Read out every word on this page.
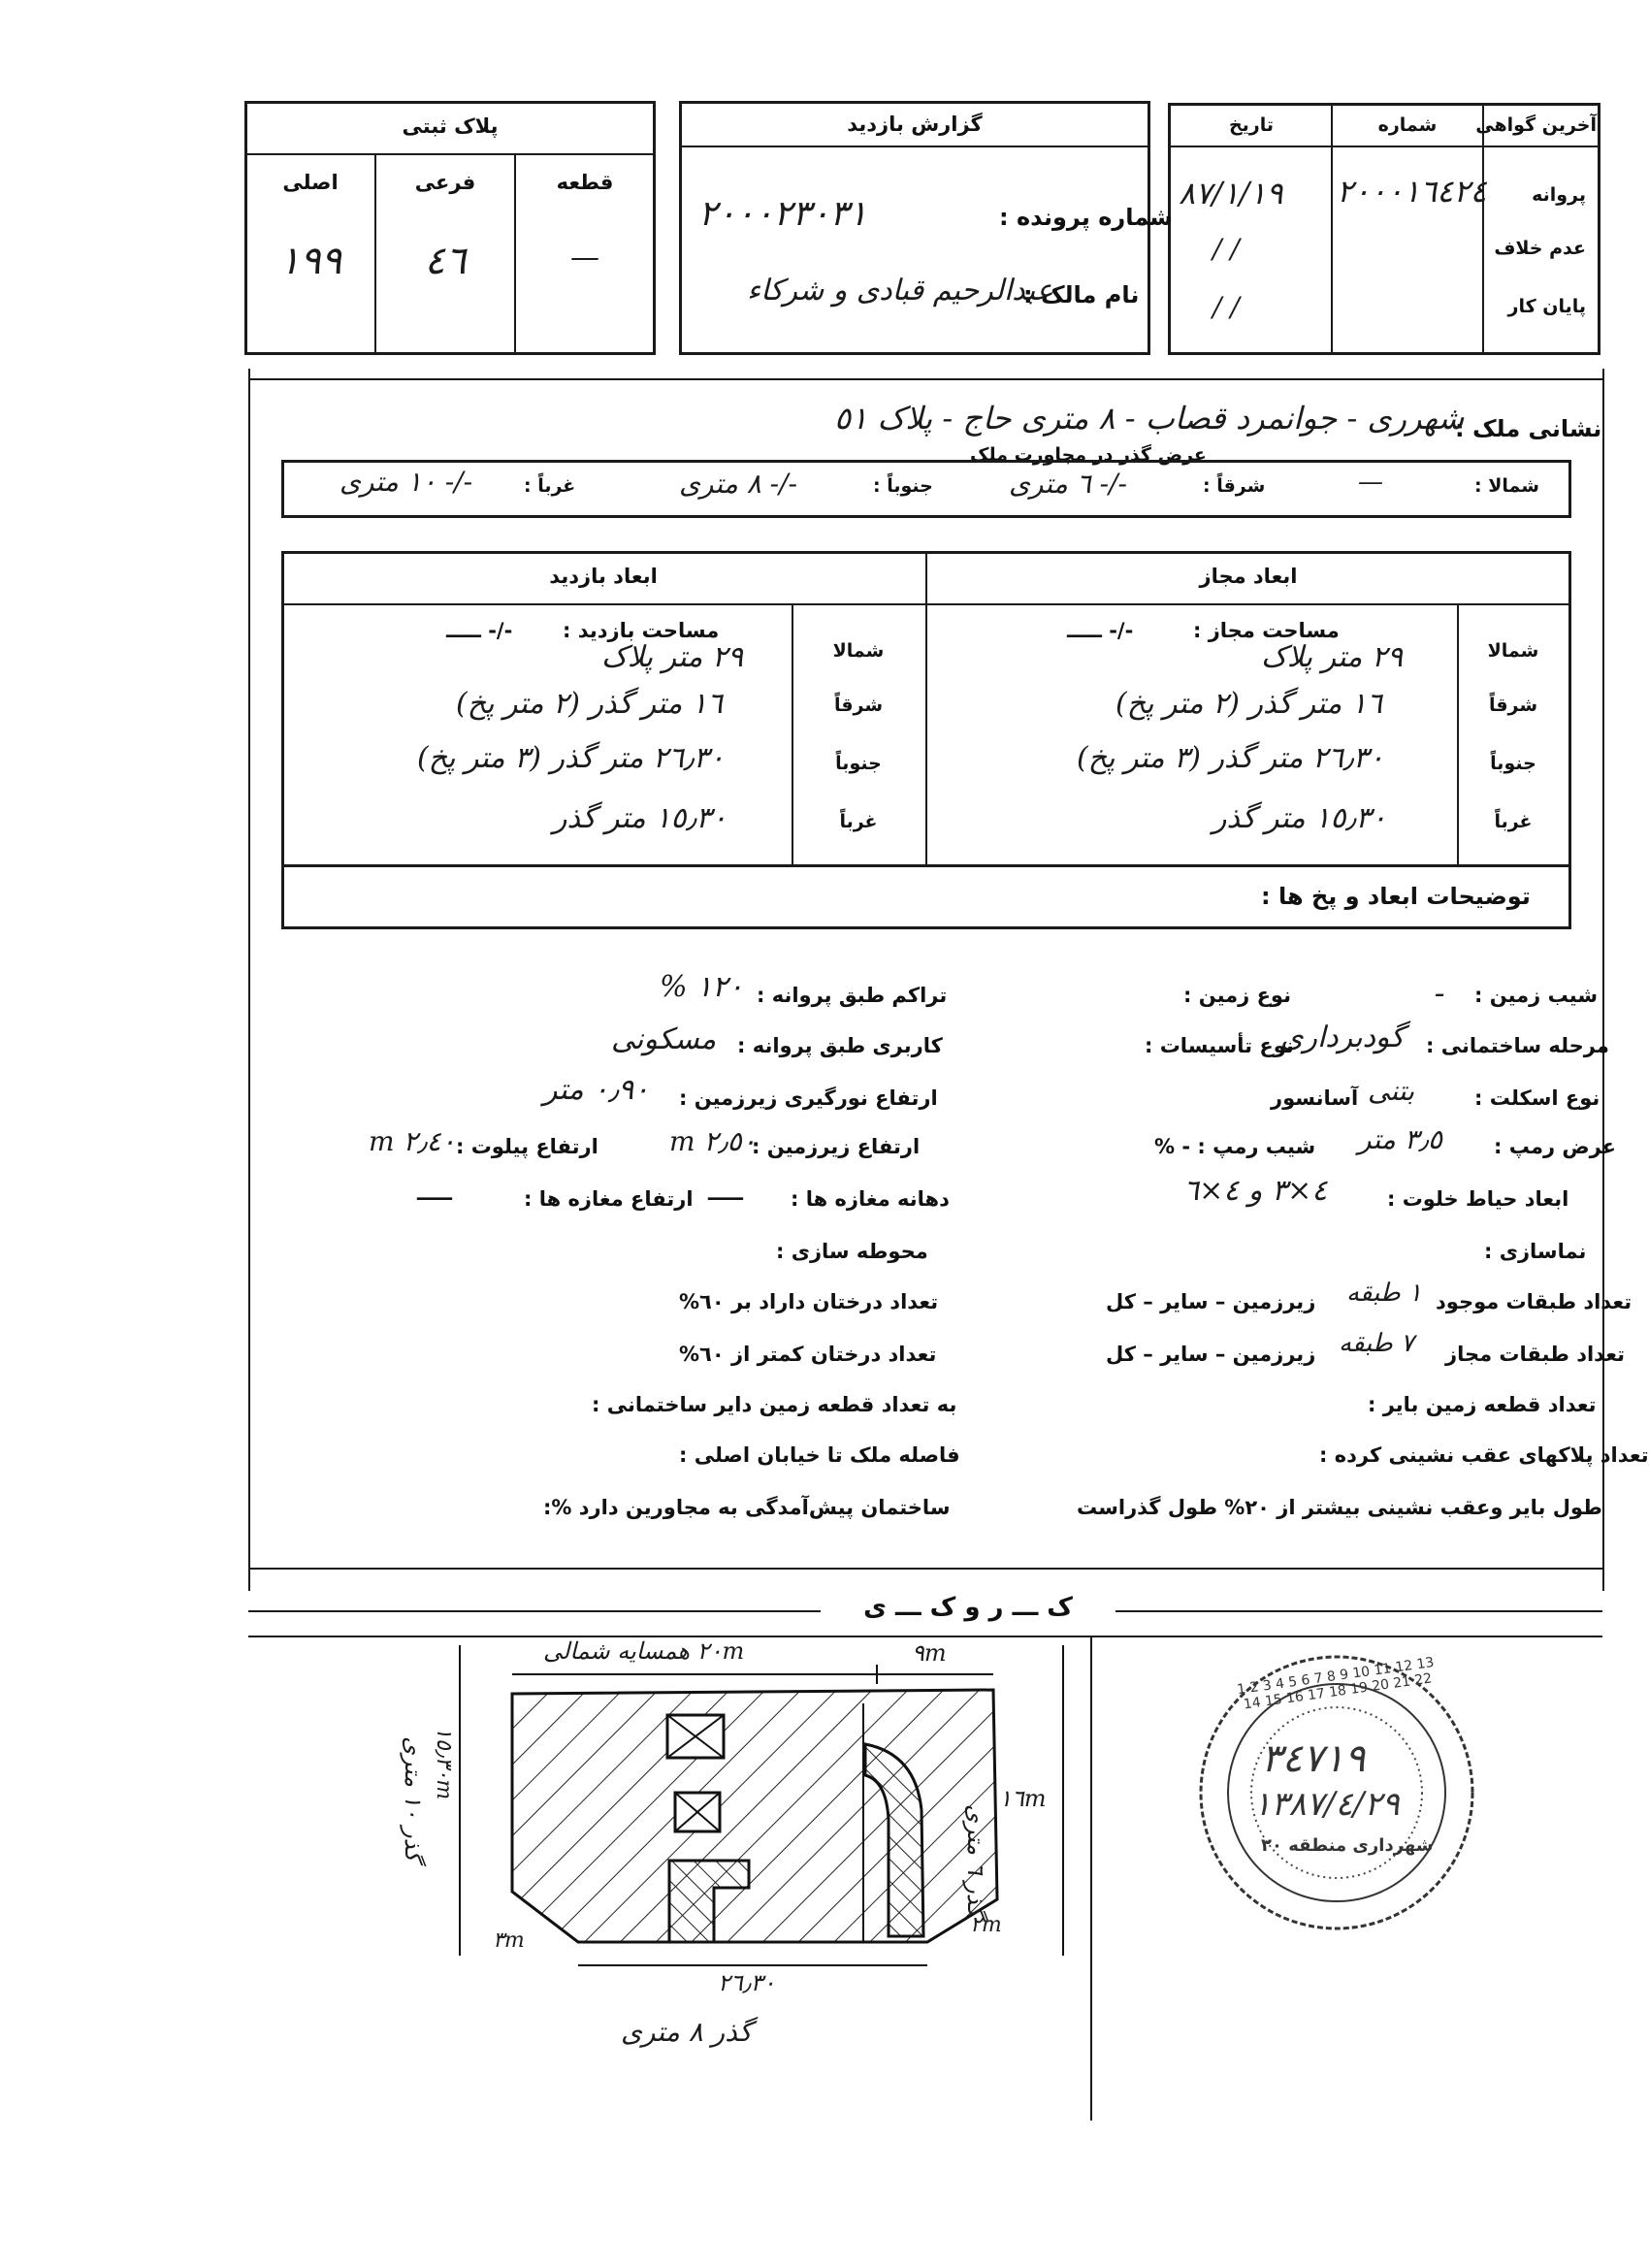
آخرین گواهی
شماره
تاریخ
پروانه
عدم خلاف
پایان کار
٢٠٠٠١٦٤٢٤
٨٧/١/١٩
/ /
/ /
گزارش بازدید
شماره پرونده :
٢٠٠٠٢٣٠٣١
نام مالک :
عبدالرحیم قبادی و شرکاء
پلاک ثبتی
قطعه
فرعی
اصلی
—
٤٦
١٩٩
نشانی ملک :
شهرری - جوانمرد قصاب - ٨ متری حاج - پلاک ٥١
عرض گذر در مجاورت ملک
شمالا :
—
شرقاً :
-/- ٦ متری
جنوباً :
-/- ٨ متری
غرباً :
-/- ١٠ متری
ابعاد مجاز
ابعاد بازدید
شمالا
شرقاً
جنوباً
غرباً
شمالا
شرقاً
جنوباً
غرباً
مساحت مجاز :
-/- ـــــ
مساحت بازدید :
-/- ـــــ
٢٩ متر پلاک
١٦ متر گذر (٢ متر پخ)
٢٦٫٣٠ متر گذر (٣ متر پخ)
١٥٫٣٠ متر گذر
٢٩ متر پلاک
١٦ متر گذر (٢ متر پخ)
٢٦٫٣٠ متر گذر (٣ متر پخ)
١٥٫٣٠ متر گذر
توضیحات ابعاد و پخ ها :
شیب زمین :
ـ
نوع زمین :
مرحله ساختمانی :
گودبرداری
نوع تأسیسات :
نوع اسکلت :
بتنی
آسانسور
عرض رمپ :
٣٫٥ متر
شیب رمپ : - %
ابعاد حیاط خلوت :
٤×٣ و ٤×٦
نماسازی :
تعداد طبقات موجود
١ طبقه
زیرزمین – سایر – کل
تعداد طبقات مجاز
٧ طبقه
زیرزمین – سایر – کل
تعداد قطعه زمین بایر :
تعداد پلاکهای عقب نشینی کرده :
طول بایر وعقب نشینی بیشتر از ٢٠% طول گذراست
تراکم طبق پروانه :
١٢٠ %
کاربری طبق پروانه :
مسکونی
ارتفاع نورگیری زیرزمین :
٠٫٩٠ متر
ارتفاع زیرزمین :
٢٫٥٠ m
ارتفاع پیلوت :
٢٫٤٠ m
دهانه مغازه ها :
ـــــ
ارتفاع مغازه ها :
ـــــ
محوطه سازی :
تعداد درختان داراد بر ٦٠%
تعداد درختان کمتر از ٦٠%
به تعداد قطعه زمین دایر ساختمانی :
فاصله ملک تا خیابان اصلی :
ساختمان پیش‌آمدگی به مجاورین دارد %:
ک ـــ ر و ک ـــ ی
٢٠m همسایه شمالی	٩m
١٦m
گذر ٦ متری
١٥٫٣٠m
گذر ١٠ متری
٣m
٢m
٢٦٫٣٠
گذر ٨ متری
1 2 3 4 5 6 7 8 9 10 11 12 13 14 15 16 17 18 19 20 21 22
٣٤٧١٩
١٣٨٧/٤/٢٩
شهرداری منطقه ٢٠
